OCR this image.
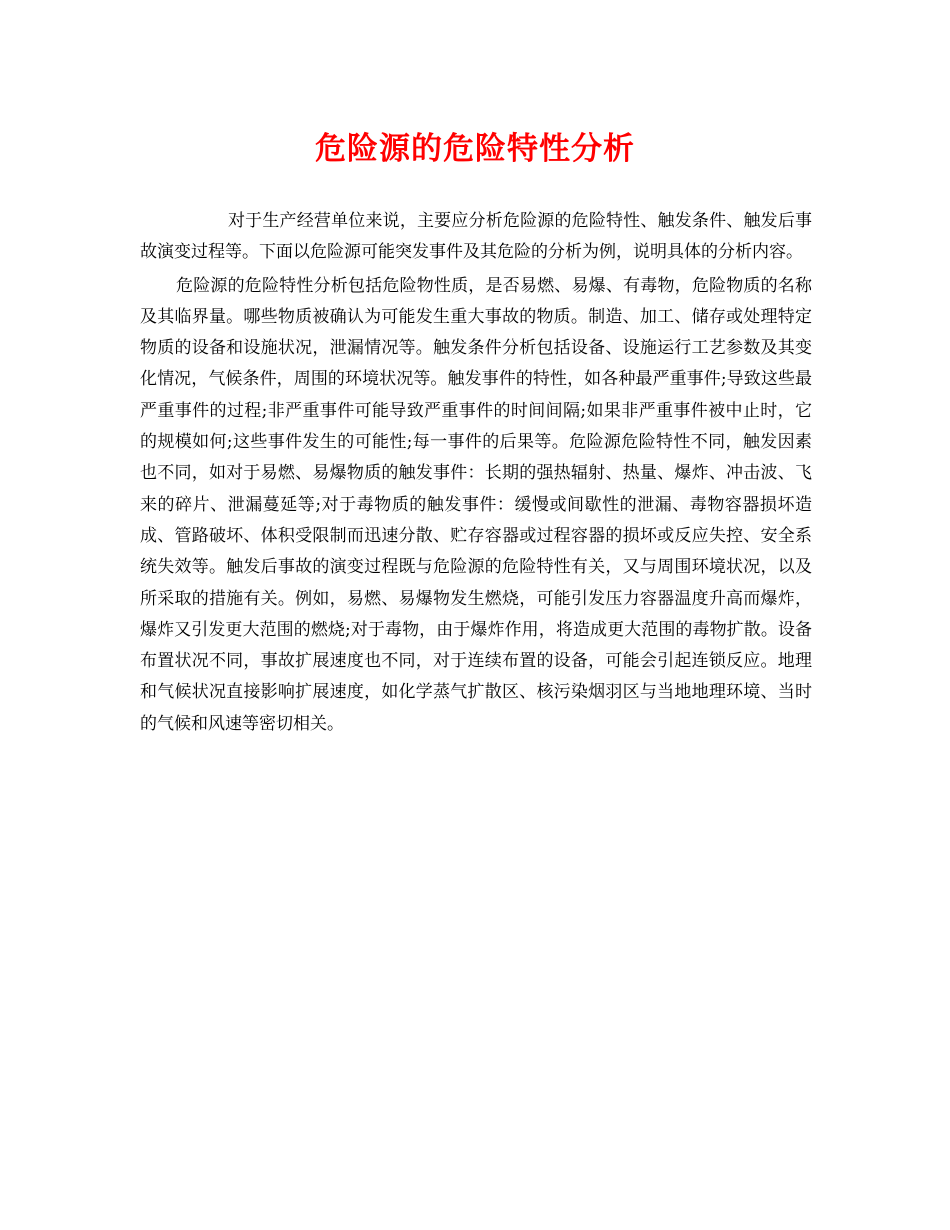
危险源的危险特性分析

对于生产经营单位来说，主要应分析危险源的危险特性、触发条件、触发后事故演变过程等。下面以危险源可能突发事件及其危险的分析为例，说明具体的分析内容。

危险源的危险特性分析包括危险物性质，是否易燃、易爆、有毒物，危险物质的名称及其临界量。哪些物质被确认为可能发生重大事故的物质。制造、加工、储存或处理特定物质的设备和设施状况，泄漏情况等。触发条件分析包括设备、设施运行工艺参数及其变化情况，气候条件，周围的环境状况等。触发事件的特性，如各种最严重事件;导致这些最严重事件的过程;非严重事件可能导致严重事件的时间间隔;如果非严重事件被中止时，它的规模如何;这些事件发生的可能性;每一事件的后果等。危险源危险特性不同，触发因素也不同，如对于易燃、易爆物质的触发事件：长期的强热辐射、热量、爆炸、冲击波、飞来的碎片、泄漏蔓延等;对于毒物质的触发事件：缓慢或间歇性的泄漏、毒物容器损坏造成、管路破坏、体积受限制而迅速分散、贮存容器或过程容器的损坏或反应失控、安全系统失效等。触发后事故的演变过程既与危险源的危险特性有关，又与周围环境状况，以及所采取的措施有关。例如，易燃、易爆物发生燃烧，可能引发压力容器温度升高而爆炸，爆炸又引发更大范围的燃烧;对于毒物，由于爆炸作用，将造成更大范围的毒物扩散。设备布置状况不同，事故扩展速度也不同，对于连续布置的设备，可能会引起连锁反应。地理和气候状况直接影响扩展速度，如化学蒸气扩散区、核污染烟羽区与当地地理环境、当时的气候和风速等密切相关。
